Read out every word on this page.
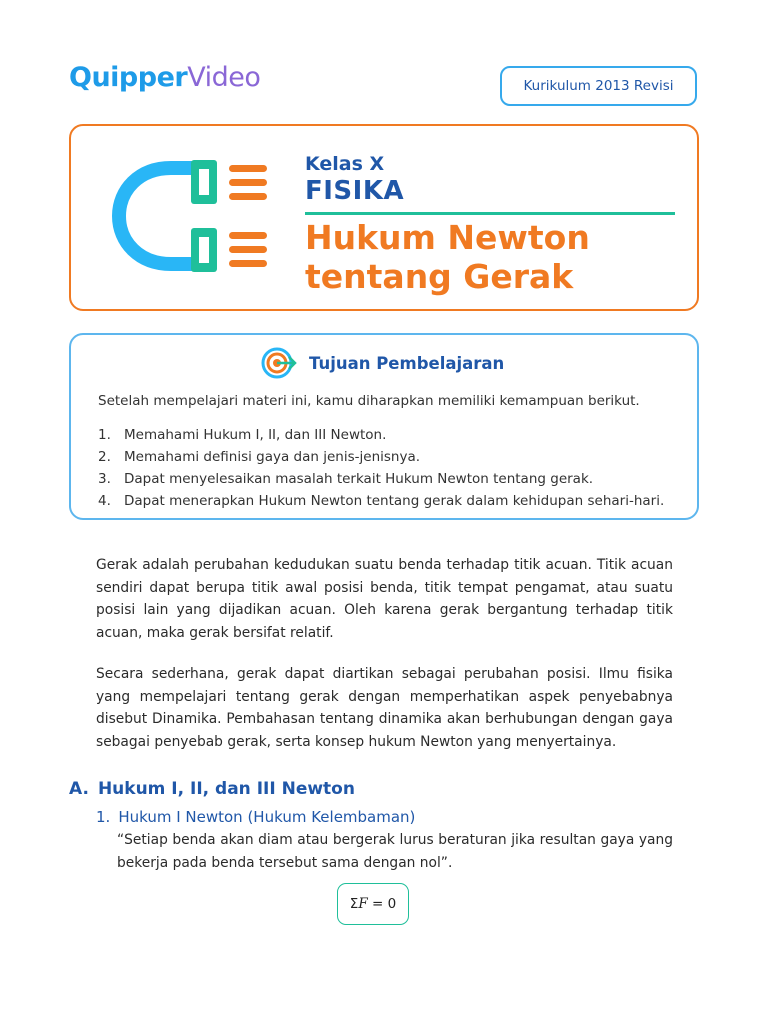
QuipperVideo	Kurikulum 2013 Revisi
Kelas X
FISIKA
Hukum Newton
tentang Gerak
Tujuan Pembelajaran
Setelah mempelajari materi ini, kamu diharapkan memiliki kemampuan berikut.
1. Memahami Hukum I, II, dan III Newton.
2. Memahami definisi gaya dan jenis-jenisnya.
3. Dapat menyelesaikan masalah terkait Hukum Newton tentang gerak.
4. Dapat menerapkan Hukum Newton tentang gerak dalam kehidupan sehari-hari.

Gerak adalah perubahan kedudukan suatu benda terhadap titik acuan. Titik acuan sendiri dapat berupa titik awal posisi benda, titik tempat pengamat, atau suatu posisi lain yang dijadikan acuan. Oleh karena gerak bergantung terhadap titik acuan, maka gerak bersifat relatif.

Secara sederhana, gerak dapat diartikan sebagai perubahan posisi. Ilmu fisika yang mempelajari tentang gerak dengan memperhatikan aspek penyebabnya disebut Dinamika. Pembahasan tentang dinamika akan berhubungan dengan gaya sebagai penyebab gerak, serta konsep hukum Newton yang menyertainya.

A. Hukum I, II, dan III Newton
1. Hukum I Newton (Hukum Kelembaman)

“Setiap benda akan diam atau bergerak lurus beraturan jika resultan gaya yang bekerja pada benda tersebut sama dengan nol”.

Σ F = 0
